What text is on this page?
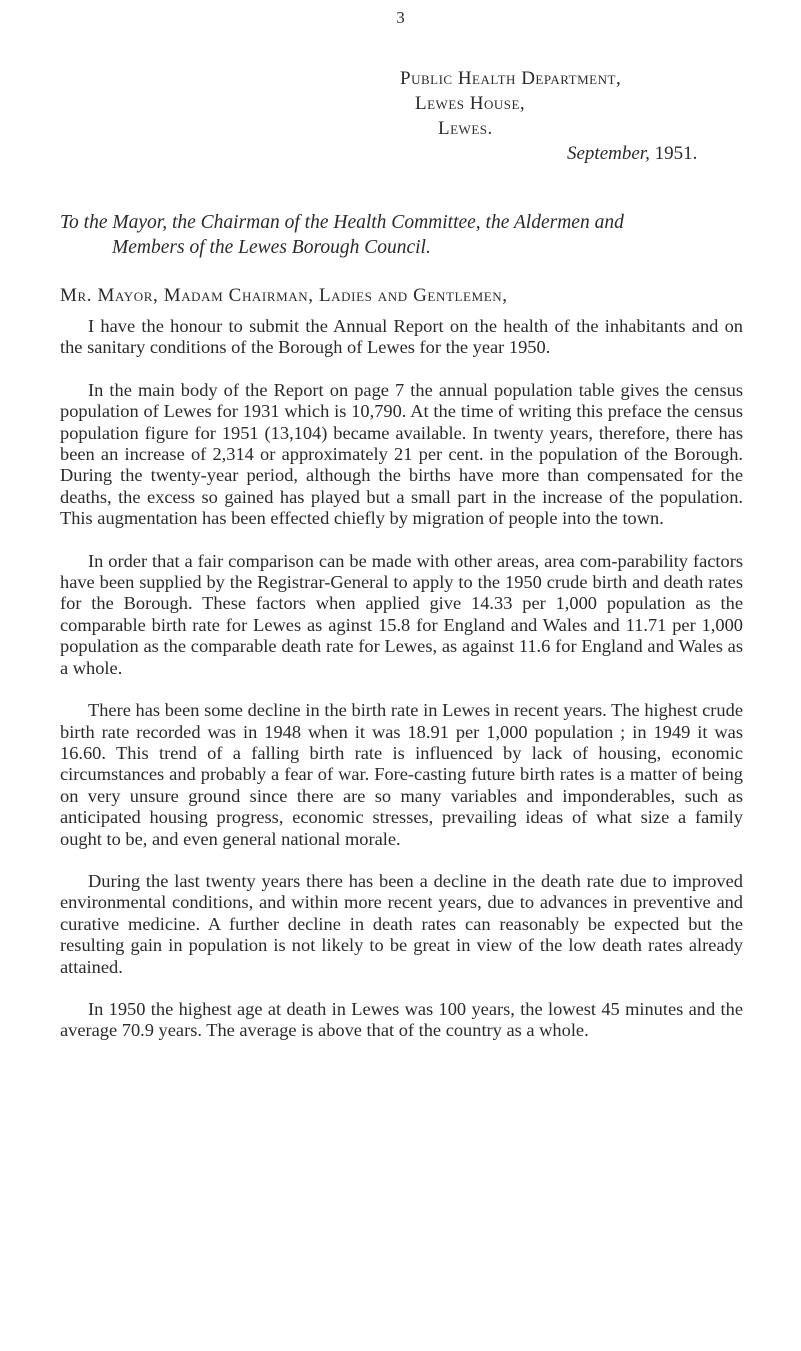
3
Public Health Department,
Lewes House,
Lewes.
September, 1951.
To the Mayor, the Chairman of the Health Committee, the Aldermen and
Members of the Lewes Borough Council.
Mr. Mayor, Madam Chairman, Ladies and Gentlemen,

I have the honour to submit the Annual Report on the health of the inhabitants and on the sanitary conditions of the Borough of Lewes for the year 1950.

In the main body of the Report on page 7 the annual population table gives the census population of Lewes for 1931 which is 10,790. At the time of writing this preface the census population figure for 1951 (13,104) became available. In twenty years, therefore, there has been an increase of 2,314 or approximately 21 per cent. in the population of the Borough. During the twenty-year period, although the births have more than compensated for the deaths, the excess so gained has played but a small part in the increase of the population. This augmentation has been effected chiefly by migration of people into the town.

In order that a fair comparison can be made with other areas, area com-parability factors have been supplied by the Registrar-General to apply to the 1950 crude birth and death rates for the Borough. These factors when applied give 14.33 per 1,000 population as the comparable birth rate for Lewes as aginst 15.8 for England and Wales and 11.71 per 1,000 population as the comparable death rate for Lewes, as against 11.6 for England and Wales as a whole.

There has been some decline in the birth rate in Lewes in recent years. The highest crude birth rate recorded was in 1948 when it was 18.91 per 1,000 population ; in 1949 it was 16.60. This trend of a falling birth rate is influenced by lack of housing, economic circumstances and probably a fear of war. Fore-casting future birth rates is a matter of being on very unsure ground since there are so many variables and imponderables, such as anticipated housing progress, economic stresses, prevailing ideas of what size a family ought to be, and even general national morale.

During the last twenty years there has been a decline in the death rate due to improved environmental conditions, and within more recent years, due to advances in preventive and curative medicine. A further decline in death rates can reasonably be expected but the resulting gain in population is not likely to be great in view of the low death rates already attained.

In 1950 the highest age at death in Lewes was 100 years, the lowest 45 minutes and the average 70.9 years. The average is above that of the country as a whole.
